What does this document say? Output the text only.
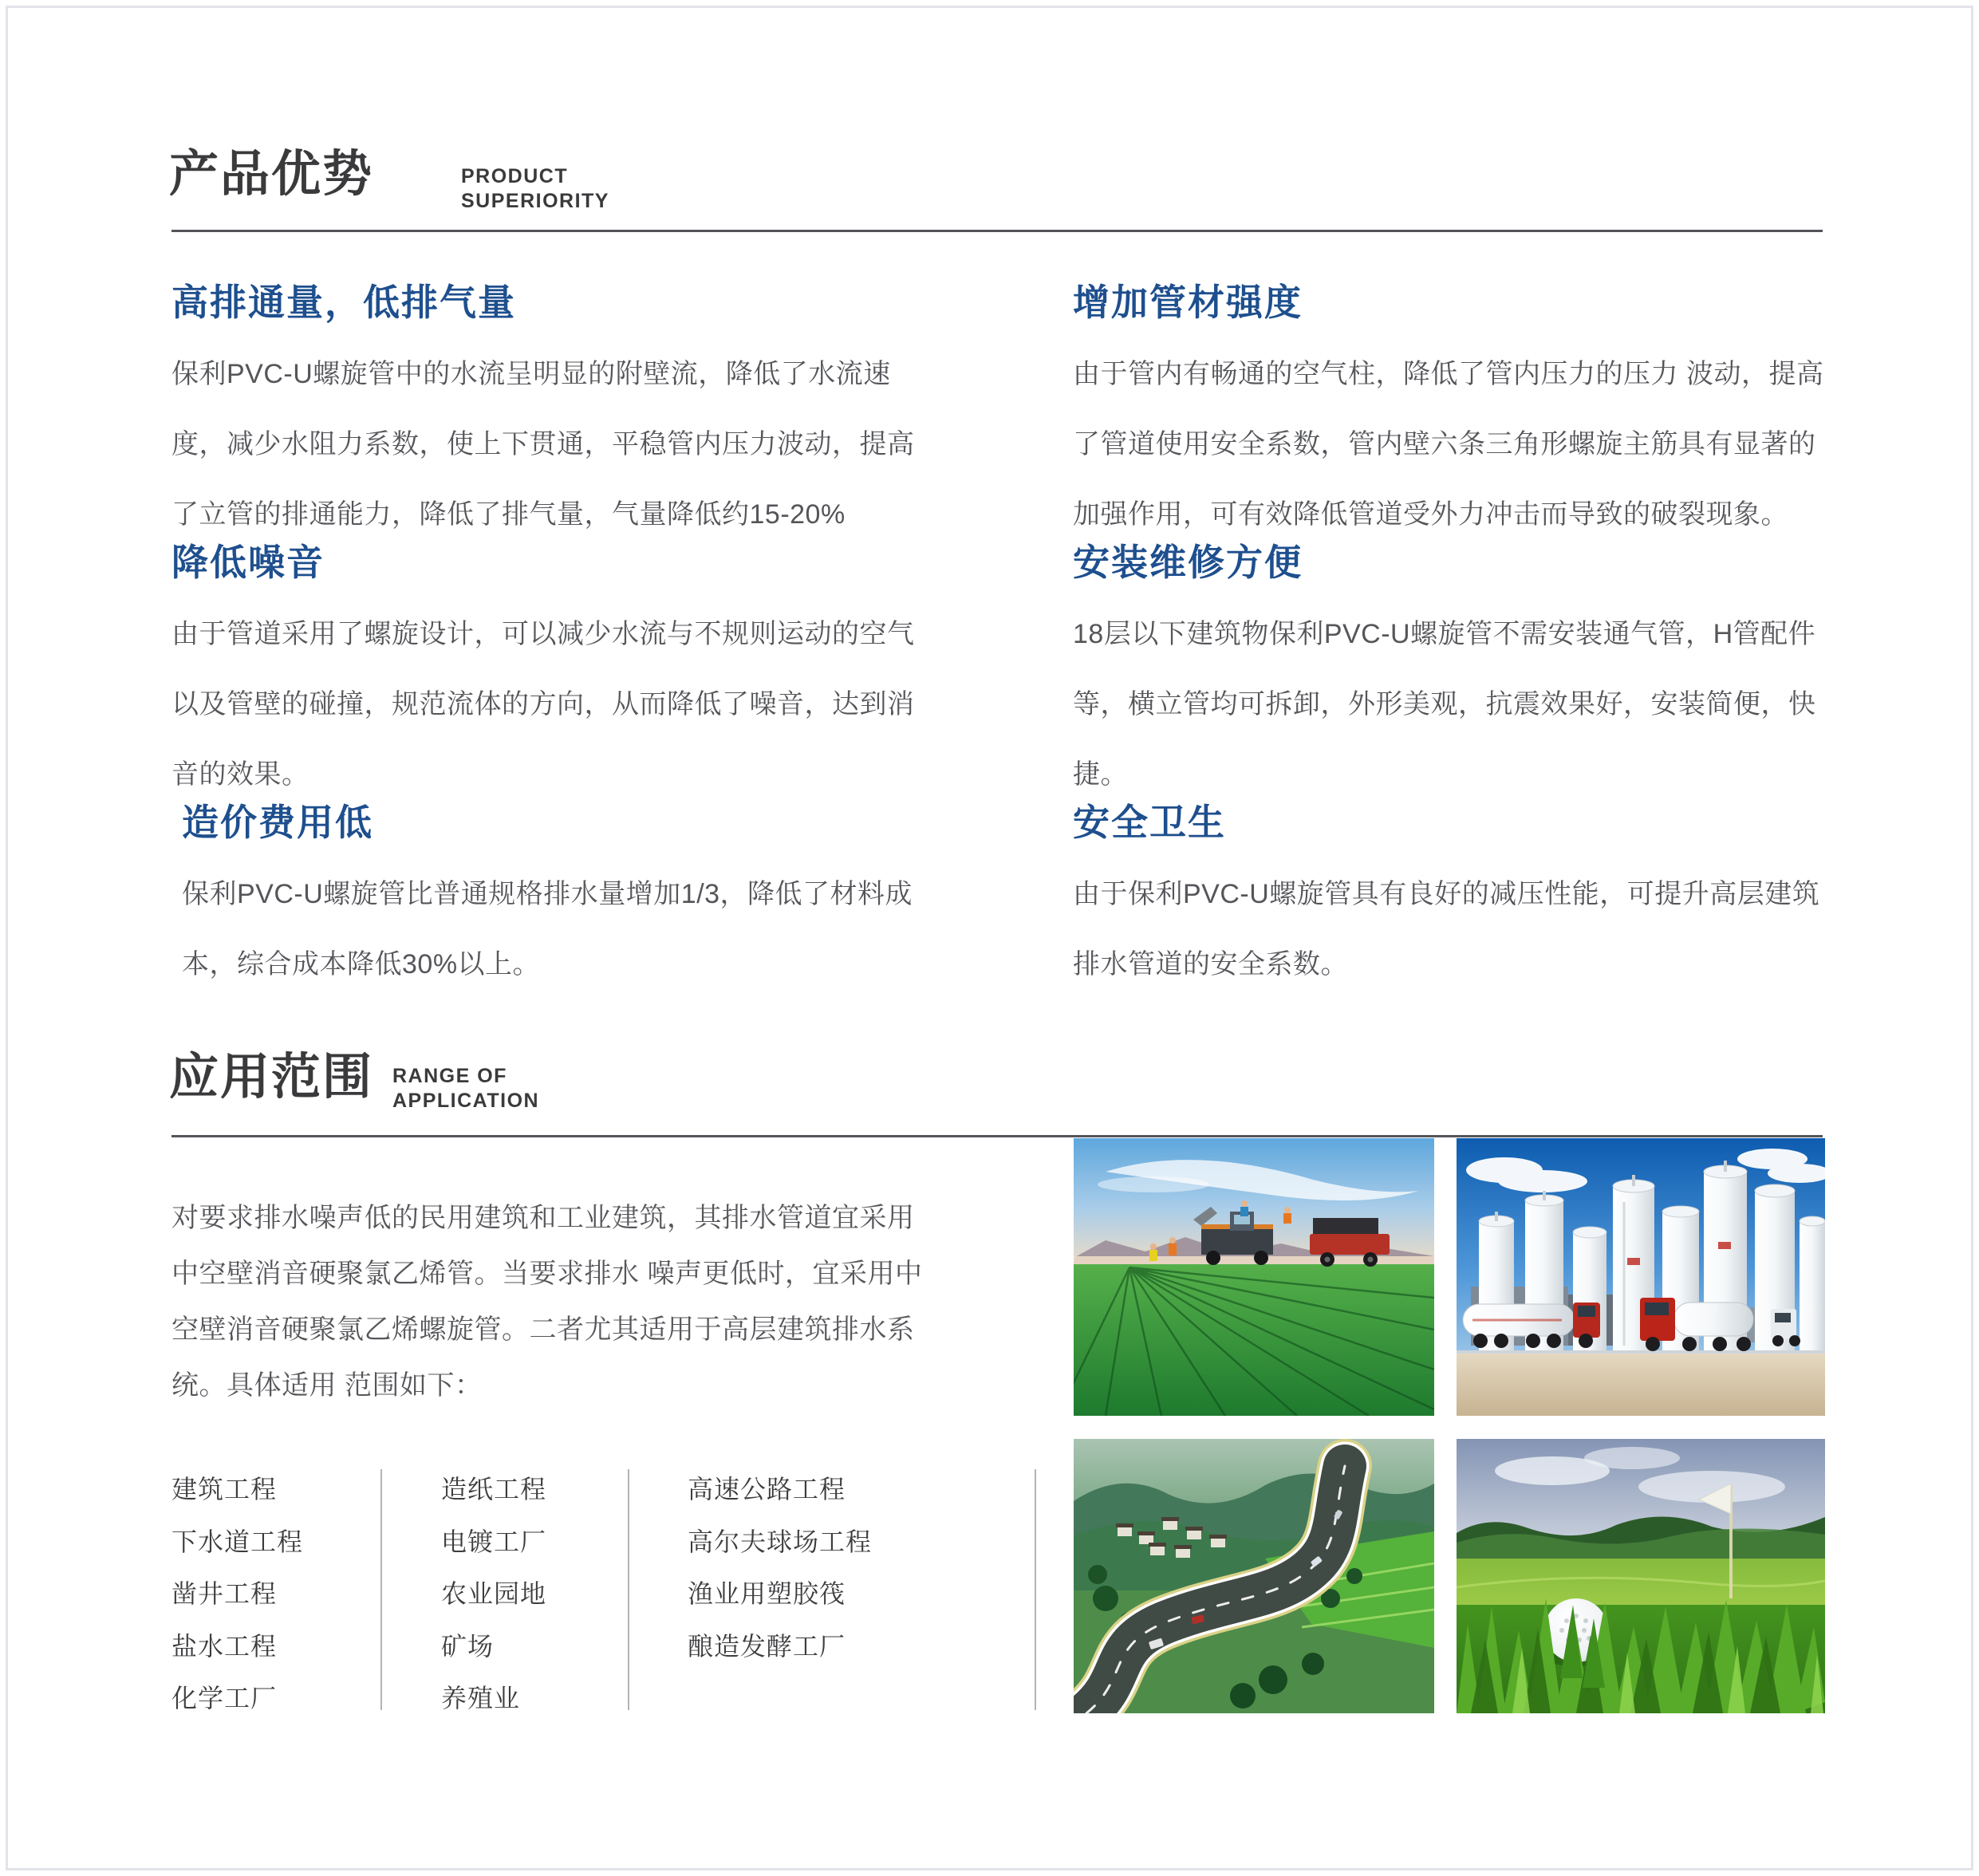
产品优势	PRODUCT
SUPERIORITY
高排通量，低排气量

保利PVC-U螺旋管中的水流呈明显的附壁流，降低了水流速度，减少水阻力系数，使上下贯通，平稳管内压力波动，提高了立管的排通能力，降低了排气量，气量降低约15-20%

降低噪音

由于管道采用了螺旋设计，可以减少水流与不规则运动的空气以及管壁的碰撞，规范流体的方向，从而降低了噪音，达到消音的效果。

造价费用低

保利PVC-U螺旋管比普通规格排水量增加1/3，降低了材料成本，综合成本降低30%以上。

增加管材强度

由于管内有畅通的空气柱，降低了管内压力的压力 波动，提高了管道使用安全系数，管内壁六条三角形螺旋主筋具有显著的加强作用，可有效降低管道受外力冲击而导致的破裂现象。

安装维修方便

18层以下建筑物保利PVC-U螺旋管不需安装通气管，H管配件等，横立管均可拆卸，外形美观，抗震效果好，安装简便，快捷。

安全卫生

由于保利PVC-U螺旋管具有良好的减压性能，可提升高层建筑排水管道的安全系数。

应用范围 RANGE OF
APPLICATION
对要求排水噪声低的民用建筑和工业建筑，其排水管道宜采用中空壁消音硬聚氯乙烯管。当要求排水 噪声更低时，宜采用中空壁消音硬聚氯乙烯螺旋管。二者尤其适用于高层建筑排水系统。具体适用 范围如下：
建筑工程
下水道工程
凿井工程
盐水工程
化学工厂
造纸工程
电镀工厂
农业园地
矿场
养殖业
高速公路工程
高尔夫球场工程
渔业用塑胶筏
酿造发酵工厂
